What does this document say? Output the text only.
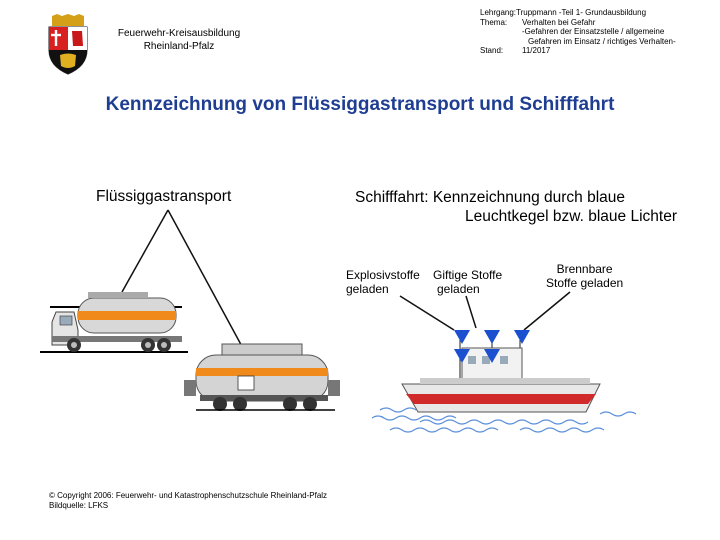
Feuerwehr-Kreisausbildung
Rheinland-Pfalz
Lehrgang: Truppmann -Teil 1- Grundausbildung
Thema:	Verhalten bei Gefahr
-Gefahren der Einsatzstelle / allgemeine
Gefahren im Einsatz / richtiges Verhalten-
Stand:	11/2017
Kennzeichnung von Flüssiggastransport und Schifffahrt
Flüssiggastransport	Schifffahrt: Kennzeichnung durch blaue
Leuchtkegel bzw. blaue Lichter
Explosivstoffe
geladen
Giftige Stoffe
geladen
Brennbare
Stoffe geladen
© Copyright 2006: Feuerwehr- und Katastrophenschutzschule Rheinland-Pfalz
Bildquelle: LFKS
